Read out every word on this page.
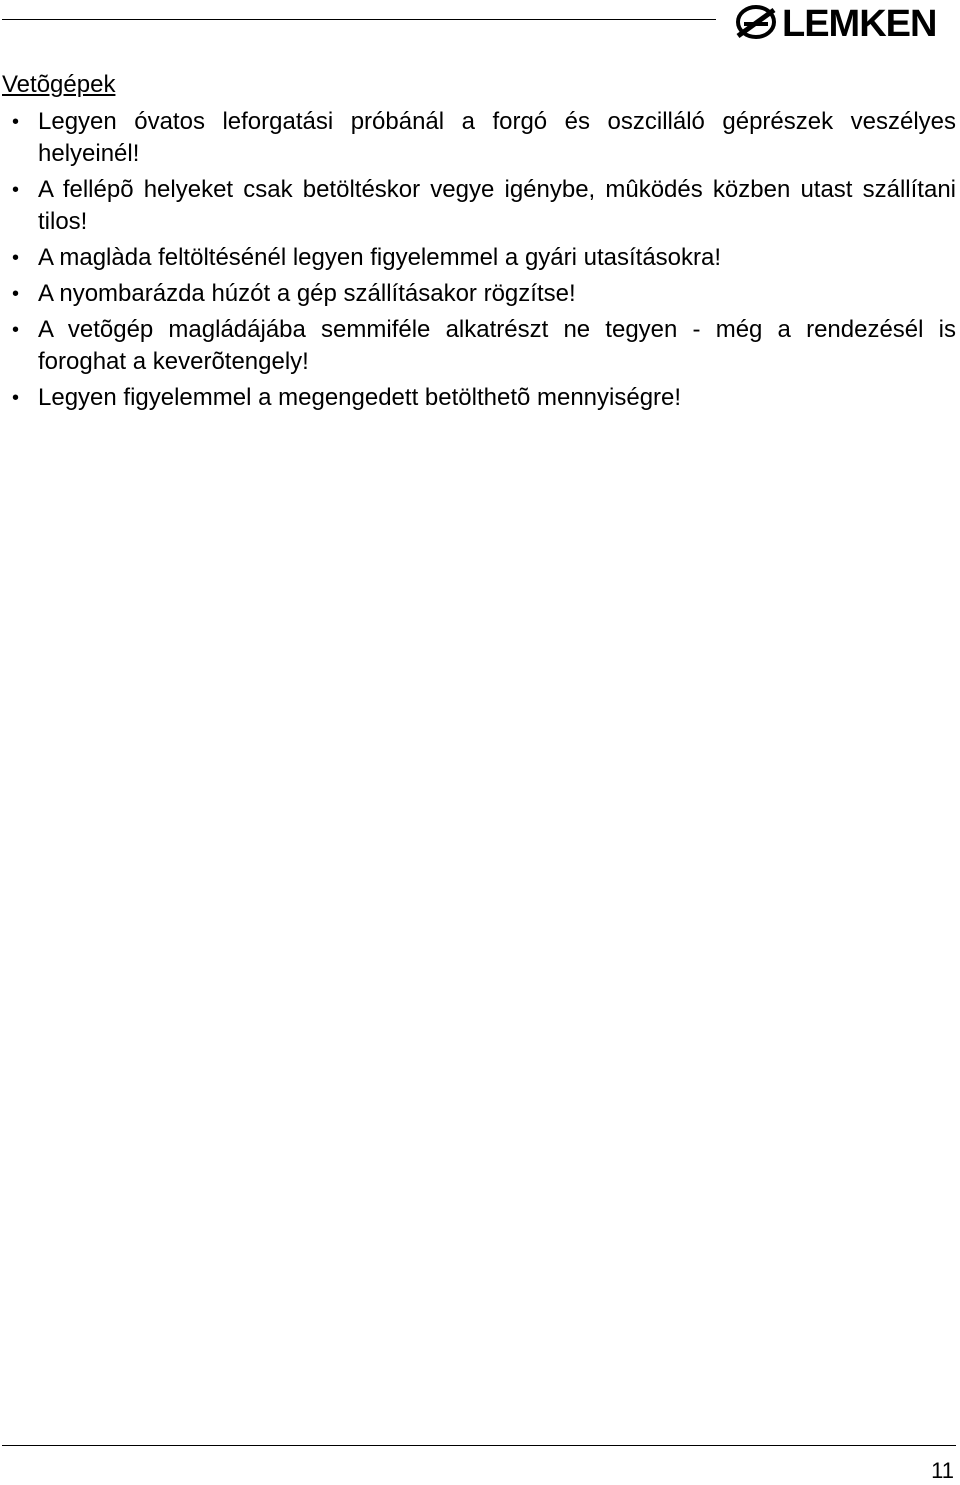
LEMKEN
Vetõgépek
• Legyen óvatos leforgatási próbánál a forgó és oszcilláló géprészek veszélyes helyeinél!
• A fellépõ helyeket csak betöltéskor vegye igénybe, mûködés közben utast szállítani tilos!
• A maglàda feltöltésénél legyen figyelemmel a gyári utasításokra!
• A nyombarázda húzót a gép szállításakor rögzítse!
• A vetõgép magládájába semmiféle alkatrészt ne tegyen - még a rendezésél is foroghat a keverõtengely!
• Legyen figyelemmel a megengedett betölthetõ mennyiségre!
11
